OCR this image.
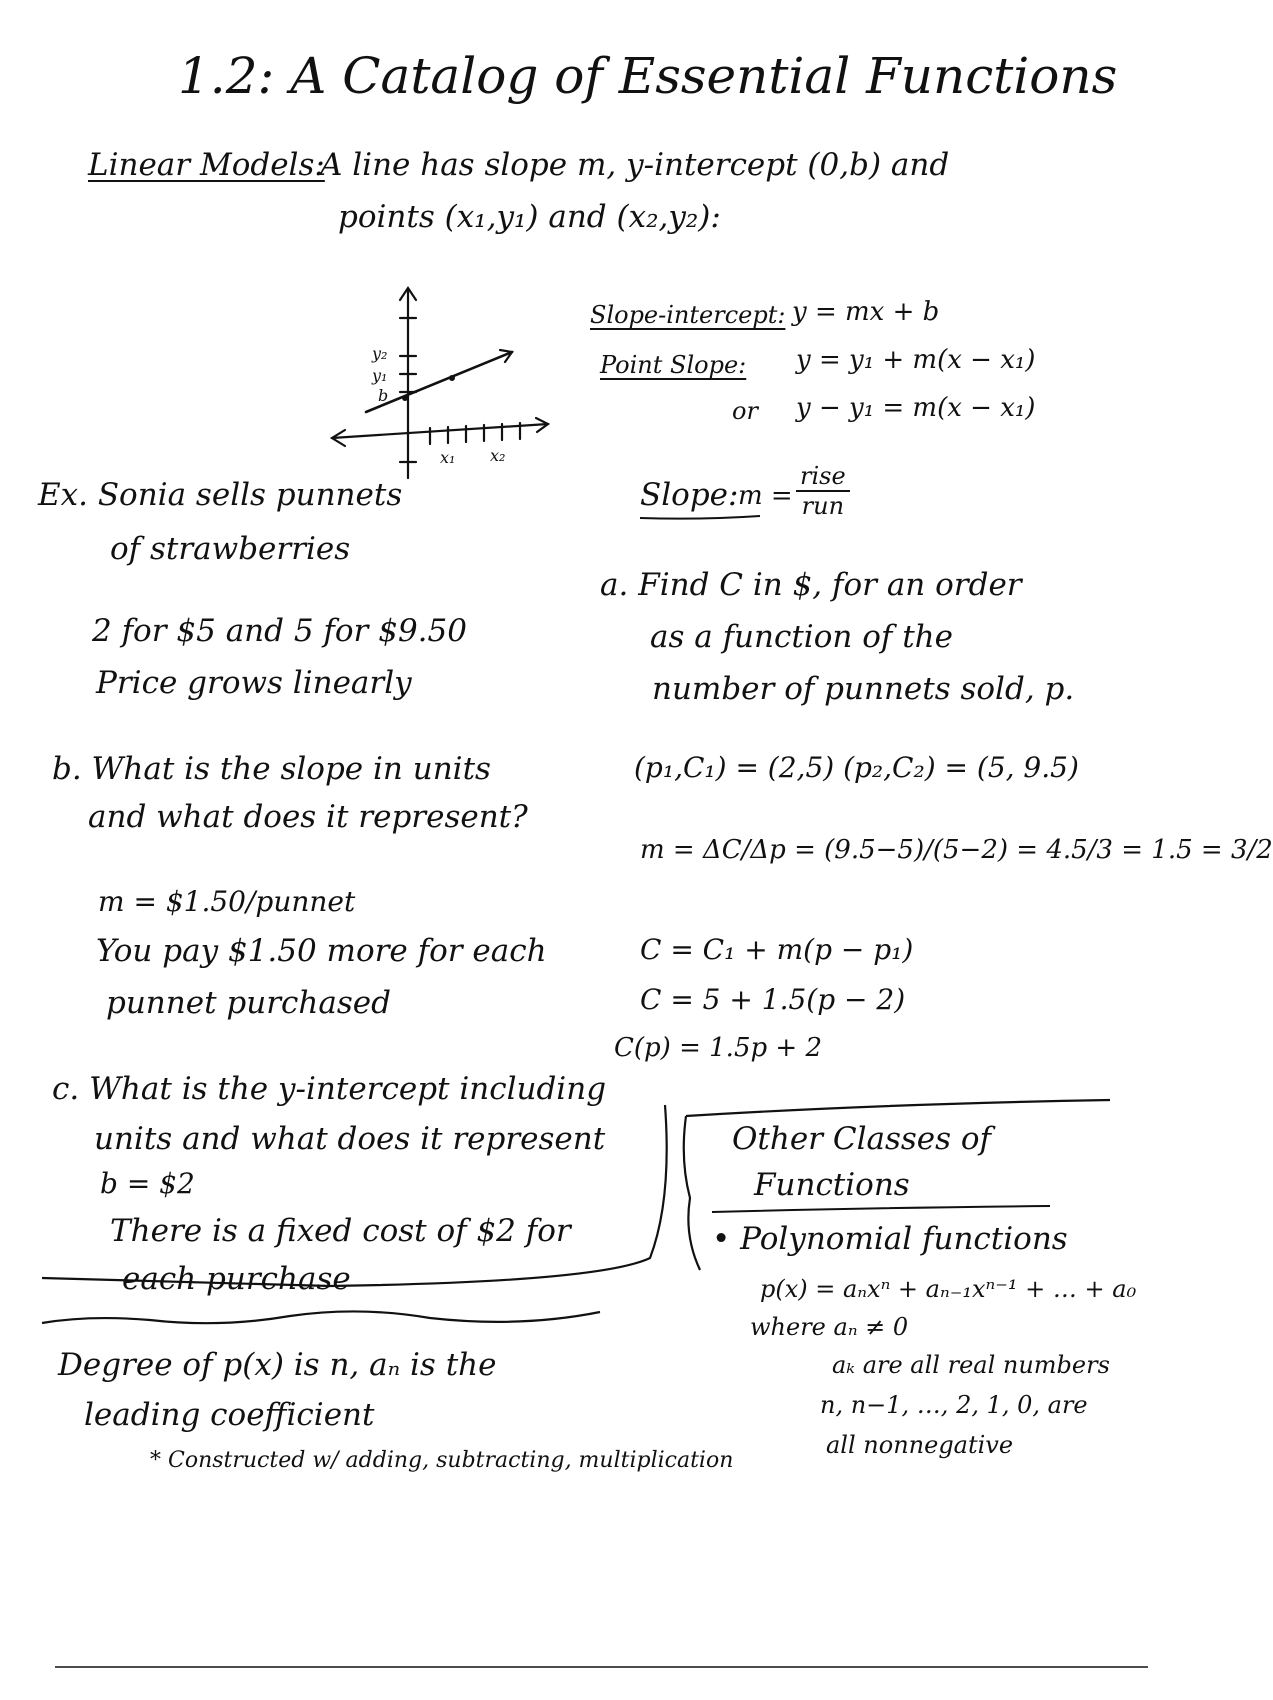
1.2: A Catalog of Essential Functions
Linear Models:
A line has slope m, y-intercept (0,b) and
points (x₁,y₁) and (x₂,y₂):
y₂
y₁
b
x₁ x₂
Slope-intercept: y = mx + b
Point Slope: y = y₁ + m(x − x₁)
or y − y₁ = m(x − x₁)
Slope: m =
rise
run
Ex. Sonia sells punnets
of strawberries
2 for $5 and 5 for $9.50
Price grows linearly
a. Find C in $, for an order
as a function of the
number of punnets sold, p.
(p₁,C₁) = (2,5) (p₂,C₂) = (5, 9.5)
m = ΔC/Δp = (9.5−5)/(5−2) = 4.5/3 = 1.5 = 3/2
b. What is the slope in units
and what does it represent?
m = $1.50/punnet
You pay $1.50 more for each
punnet purchased
C = C₁ + m(p − p₁)
C = 5 + 1.5(p − 2)
C(p) = 1.5p + 2
c. What is the y-intercept including
units and what does it represent
b = $2
There is a fixed cost of $2 for
each purchase
Other Classes of
Functions
• Polynomial functions
p(x) = aₙxⁿ + aₙ₋₁xⁿ⁻¹ + … + a₀
where aₙ ≠ 0
aₖ are all real numbers
n, n−1, …, 2, 1, 0, are
all nonnegative
Degree of p(x) is n, aₙ is the
leading coefficient
* Constructed w/ adding, subtracting, multiplication
